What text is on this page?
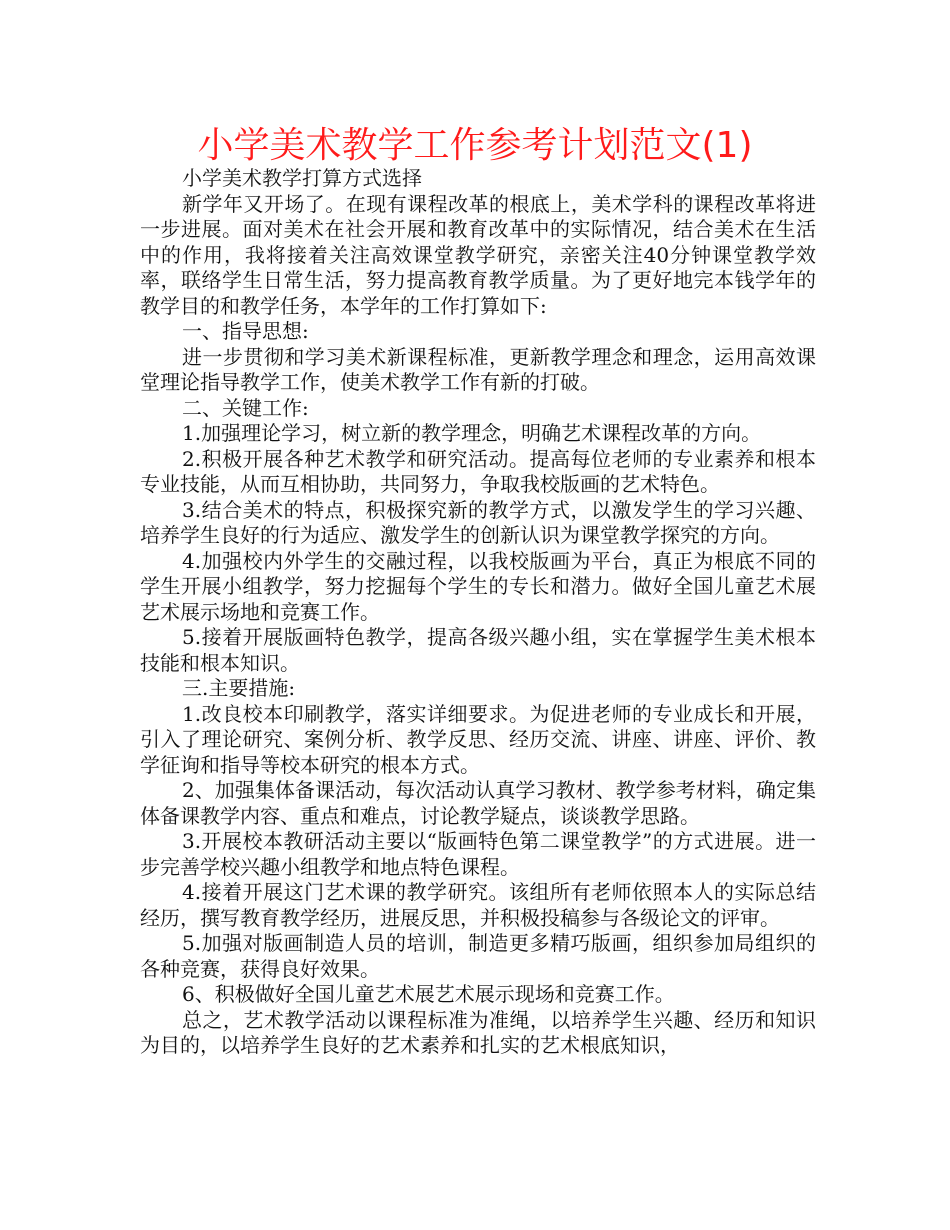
小学美术教学工作参考计划范文(1)

小学美术教学打算方式选择

新学年又开场了。在现有课程改革的根底上，美术学科的课程改革将进一步进展。面对美术在社会开展和教育改革中的实际情况，结合美术在生活中的作用，我将接着关注高效课堂教学研究，亲密关注40分钟课堂教学效率，联络学生日常生活，努力提高教育教学质量。为了更好地完本钱学年的教学目的和教学任务，本学年的工作打算如下:

一、指导思想:

进一步贯彻和学习美术新课程标准，更新教学理念和理念，运用高效课堂理论指导教学工作，使美术教学工作有新的打破。

二、关键工作:

1.加强理论学习，树立新的教学理念，明确艺术课程改革的方向。

2.积极开展各种艺术教学和研究活动。提高每位老师的专业素养和根本专业技能，从而互相协助，共同努力，争取我校版画的艺术特色。

3.结合美术的特点，积极探究新的教学方式，以激发学生的学习兴趣、培养学生良好的行为适应、激发学生的创新认识为课堂教学探究的方向。

4.加强校内外学生的交融过程，以我校版画为平台，真正为根底不同的学生开展小组教学，努力挖掘每个学生的专长和潜力。做好全国儿童艺术展艺术展示场地和竞赛工作。

5.接着开展版画特色教学，提高各级兴趣小组，实在掌握学生美术根本技能和根本知识。

三.主要措施:

1.改良校本印刷教学，落实详细要求。为促进老师的专业成长和开展，引入了理论研究、案例分析、教学反思、经历交流、讲座、讲座、评价、教学征询和指导等校本研究的根本方式。

2、加强集体备课活动，每次活动认真学习教材、教学参考材料，确定集体备课教学内容、重点和难点，讨论教学疑点，谈谈教学思路。

3.开展校本教研活动主要以“版画特色第二课堂教学”的方式进展。进一步完善学校兴趣小组教学和地点特色课程。

4.接着开展这门艺术课的教学研究。该组所有老师依照本人的实际总结经历，撰写教育教学经历，进展反思，并积极投稿参与各级论文的评审。

5.加强对版画制造人员的培训，制造更多精巧版画，组织参加局组织的各种竞赛，获得良好效果。

6、积极做好全国儿童艺术展艺术展示现场和竞赛工作。

总之，艺术教学活动以课程标准为准绳，以培养学生兴趣、经历和知识为目的，以培养学生良好的艺术素养和扎实的艺术根底知识，
